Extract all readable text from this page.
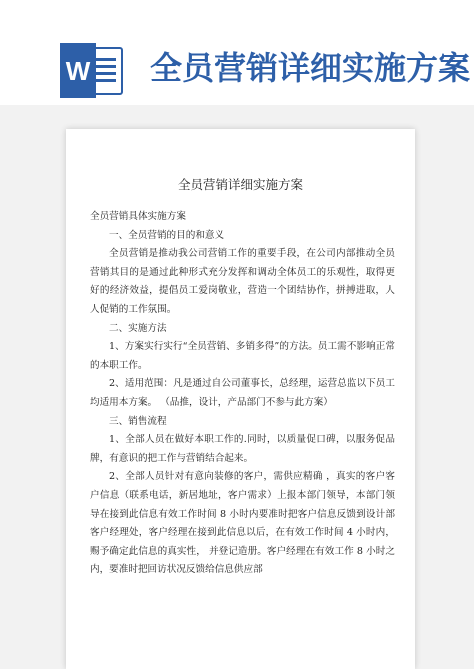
W 全员营销详细实施方案
全员营销详细实施方案

全员营销具体实施方案

一、全员营销的目的和意义

全员营销是推动我公司营销工作的重要手段，在公司内部推动全员营销其目的是通过此种形式充分发挥和调动全体员工的乐观性，取得更好的经济效益，提倡员工爱岗敬业，营造一个团结协作，拼搏进取，人人促销的工作氛围。

二、实施方法

1、方案实行实行“全员营销、多销多得”的方法。员工需不影响正常的本职工作。

2、适用范围：凡是通过自公司董事长，总经理，运营总监以下员工均适用本方案。 （品推，设计，产品部门不参与此方案）

三、销售流程

1、全部人员在做好本职工作的.同时，以质量促口碑，以服务促品牌，有意识的把工作与营销结合起来。

2、全部人员针对有意向装修的客户，需供应精确 ，真实的客户客户信息（联系电话，新居地址，客户需求）上报本部门领导，本部门领导在接到此信息有效工作时间 8 小时内要准时把客户信息反馈到设计部客户经理处，客户经理在接到此信息以后，在有效工作时间 4 小时内， 赐予确定此信息的真实性， 并登记造册。客户经理在有效工作 8 小时之内，要准时把回访状况反馈给信息供应部
